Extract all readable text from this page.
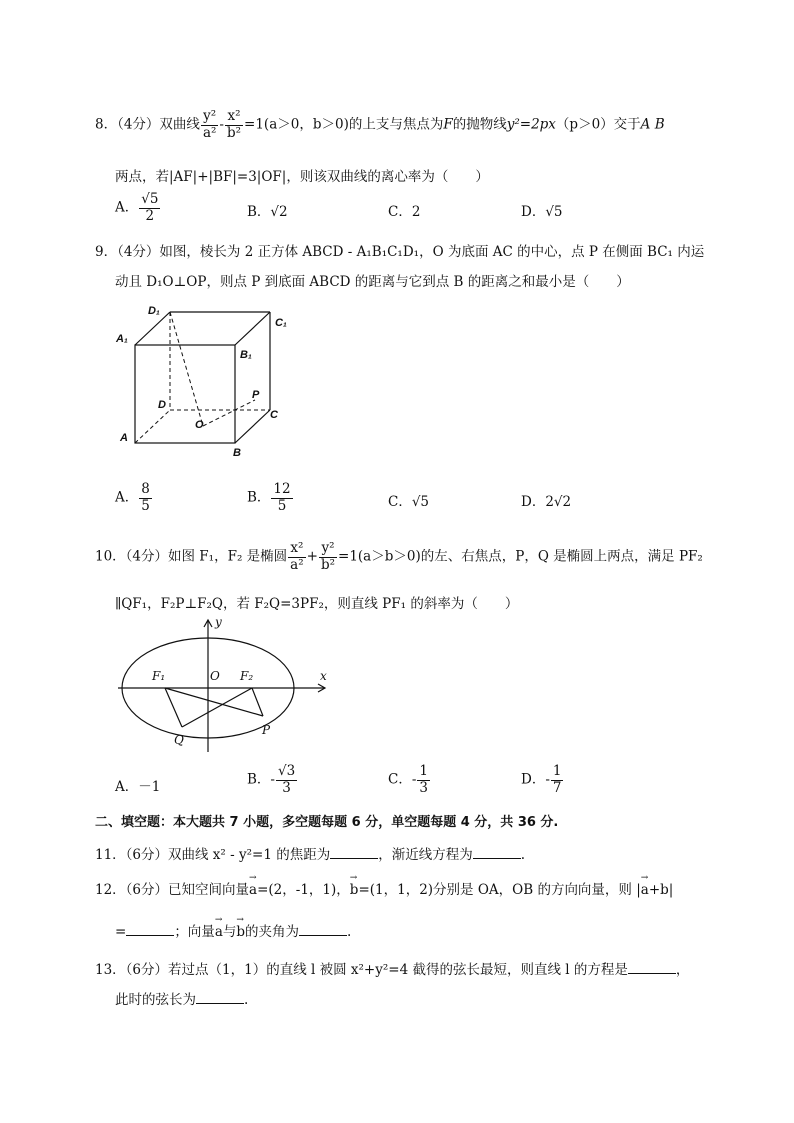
8．（4分）双曲线 $\frac{\text{y²}}{\text{a²}} - \frac{\text{x²}}{\text{b²}} =1(a>0$，b＞0)的上支与焦点为F的抛物线y²=2px（p＞0）交于A B
两点，若|AF|+|BF|=3|OF|，则该双曲线的离心率为（　　）
A． $\frac{√5}{2}$	B．√2	C．2	D．√5
9．（4分）如图，棱长为 2 正方体 ABCD - A₁B₁C₁D₁，O 为底面 AC 的中心，点 P 在侧面 BC₁ 内运
动且 D₁O⊥OP，则点 P 到底面 ABCD 的距离与它到点 B 的距离之和最小是（　　）
D₁
C₁
A₁
B₁
D
P
C
O
A
B
A． $\frac{8}{5}$	B． $\frac{12}{5}$	C．√5	D．2√2
10．（4分）如图 F₁，F₂ 是椭圆 $\frac{\text{x²}}{\text{a²}} + \frac{\text{y²}}{\text{b²}} =1(a>b>0)$的左、右焦点，P，Q 是椭圆上两点，满足 PF₂
∥QF₁，F₂P⊥F₂Q，若 F₂Q=3PF₂，则直线 PF₁ 的斜率为（　　）
y
x
F₁	O F₂
Q
P
A．－1	B．- $\frac{√3}{3}$	C．- $\frac{1}{3}$	D．- $\frac{1}{7}$
二、填空题：本大题共 7 小题，多空题每题 6 分，单空题每题 4 分，共 36 分.
11．（6分）双曲线 x² - y²=1 的焦距为	，渐近线方程为	.
12．（6分）已知空间向量→ a=(2，-1，1)，→ b=(1，1，2)分别是 OA，OB 的方向向量，则 |→ a+b|
=	；向量→ a与→ b的夹角为	.
13．（6分）若过点（1，1）的直线 l 被圆 x²+y²=4 截得的弦长最短，则直线 l 的方程是	，
此时的弦长为	.
